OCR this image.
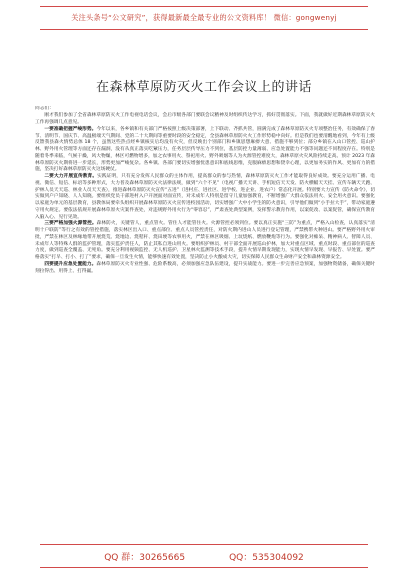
关注头条号“公文研究”，获得最新最全最专业的公文资料库！ 微信：gongwenyj
在森林草原防灭火工作会议上的讲话

同志们：

刚才我们参加了全省森林草原防灭火工作电视电话会议，会后市级各部门要联会议精神及时组织传达学习，抓好贯彻落实。下面，我就做好近期森林草原防灭火工作再强调几点意见。

一要准确把握严峻形势。今年以来，各乡镇和有关部门严格按照上级决策部署，上下联动、齐抓共管，圆满完成了森林草原防灭火专项整治任务，有效确保了春节、清明节、国庆节、高温极端天气期间、党的二十大期间等重要时段的安全稳定，全县森林草原防火火工作形势稳中向好。但是我们也要清醒地看到，今年有上级反馈我县森火情势总体 18 个，虽然这些热点经乡镇核实后均没有火灾，但反映出个别部门和乡镇思想麻痹大意、措施不够到位；部分乡镇在入山口管控、巡山护林、野外用火管理等方面还存在漏洞，没有从真正落实吃紧压力，任务层层传导压力不到位，基层防控力量薄弱、应急处置能力不强等问题还不同程度存在。特别是随着冬季来临，气候干燥，风大物燥，林区可燃物增多，加之农事用火、祭祀用火、野外吸烟等人为火源管控难度大，森林草原火灾风险持续走高。预计 2023 年森林草原防灭火期将进一步延长，形势更加严峻复杂。各乡镇、各部门要切实增强忧患意识和底线思维，克服麻痹思想和侥幸心理，以更加务实的作风、更加有力的措施，坚决打好森林草原防灭火这场硬仗。

二要大力开展宣传教育。实践证明，只有充分发挥人民群众的主体作用，提高群众的参与热情，森林草原防灭火工作才能取得良好成效。要充分运用广播、电视、微信、短信、标语等多种形式，大力普及森林草原防灭火法律法规，做到“六个不见”（电视广播天天讲、手机短信天天发、防火横幅天天挂、宣传车辆天天跑、护林人员天天巡、林业人员天天查），推进森林草原防灭火宣传“五进”（进村庄、进社区、进学校、进企业、进农户）常态化开展。特别要大力宣传《防火命令》，切实做到户户知晓、人人知晓。要组织党员干部进村入户开展面对面宣传，对未成年人特别是留守儿童加强教育，不断增强广大群众依法用火、安全用火意识。要强化以家庭为单元的基层教育，县教体局要牵头组织开展森林草原防灭火宣传进校园活动，切实增强广大中小学生的防火意识，引导他们做到“小手拉大手”，带动家庭遵守用火规定。要依法依规开展森林草原火灾案件查处，对违规野外用火行为“零容忍”，严肃查处典型案例，发挥警示教育作用，以案促改、以案促管，确保宣传教育入脑入心、见行见效。

三要严格加强火源管控。森林防火，关键管人，重点管火。管住人才能管住火。火源管控必须到位。要以真正实施“三防”为重点，严格入山检查，认真落实“清明十户联防”等行之有效的管控措施，落实林区出入口、重点部位、重点人员管控责任，对防火期内进山人员进行登记管理，严禁携带火种进山。要严格野外用火审批，严禁在林区及林缘地带开展烧荒、烧地边、烧秸秆、烧田埂等农事用火，严禁在林区吸烟、上坟烧纸、燃放鞭炮等行为。要强化对痴呆、精神病人、智障人员、未成年人等特殊人群的监护管理，落实监护责任人，防止其私自进山用火。要组织护林员、村干部全面开展巡山护林，加大对重点区域、重点时段、重点部位的巡查力度，做到巡查全覆盖、无死角。要充分利用视频监控、无人机巡护、卫星林火监测等技术手段，提升火情早期发现能力，实现火情早发现、早报告、早处置。要严格落实“打早、打小、打了”要求，确保一旦发生火情，能够快速有效处置，坚决防止小火酿成大灾，切实保障人民群众生命财产安全和森林资源安全。

四要提升应急处置能力。森林草原防灭火专业性强、危险系数高，必须加强应急队伍建设，提升实战能力。要进一步完善应急预案，加强物资储备，确保关键时刻拉得出、用得上、打得赢。

QQ 群：30265665	QQ：535304092
